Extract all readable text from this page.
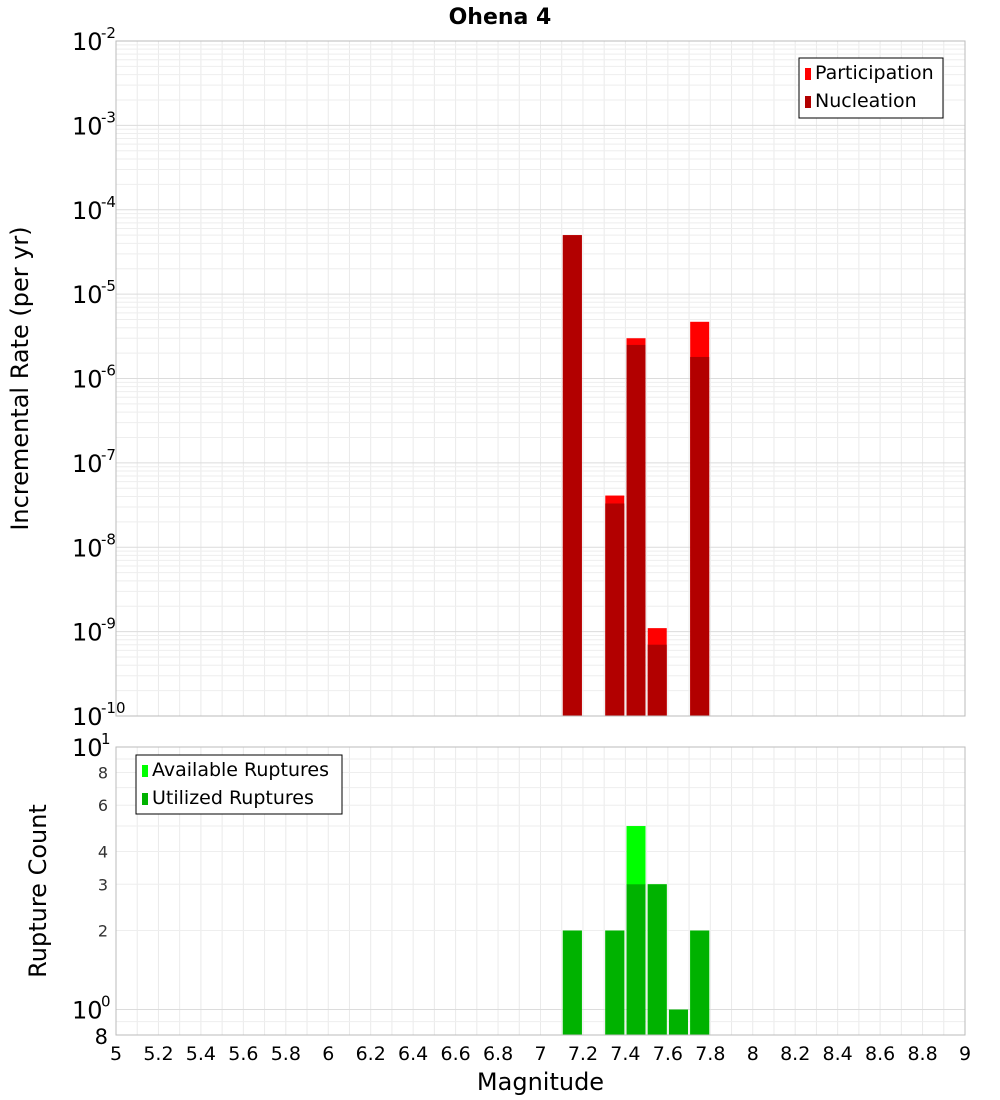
Ohena 4
10
-2
10
-3
10
-4
10
-5
10
-6
10
-7
10
-8
10
-9
10
-10
Incremental Rate (per yr)
Participation
Nucleation
10
1
10
0
8
6
4
3
2
8
Rupture Count
Available Ruptures
Utilized Ruptures
5 5.2 5.4 5.6 5.8 6 6.2 6.4 6.6 6.8 7 7.2 7.4 7.6 7.8 8 8.2 8.4 8.6 8.8 9
Magnitude
